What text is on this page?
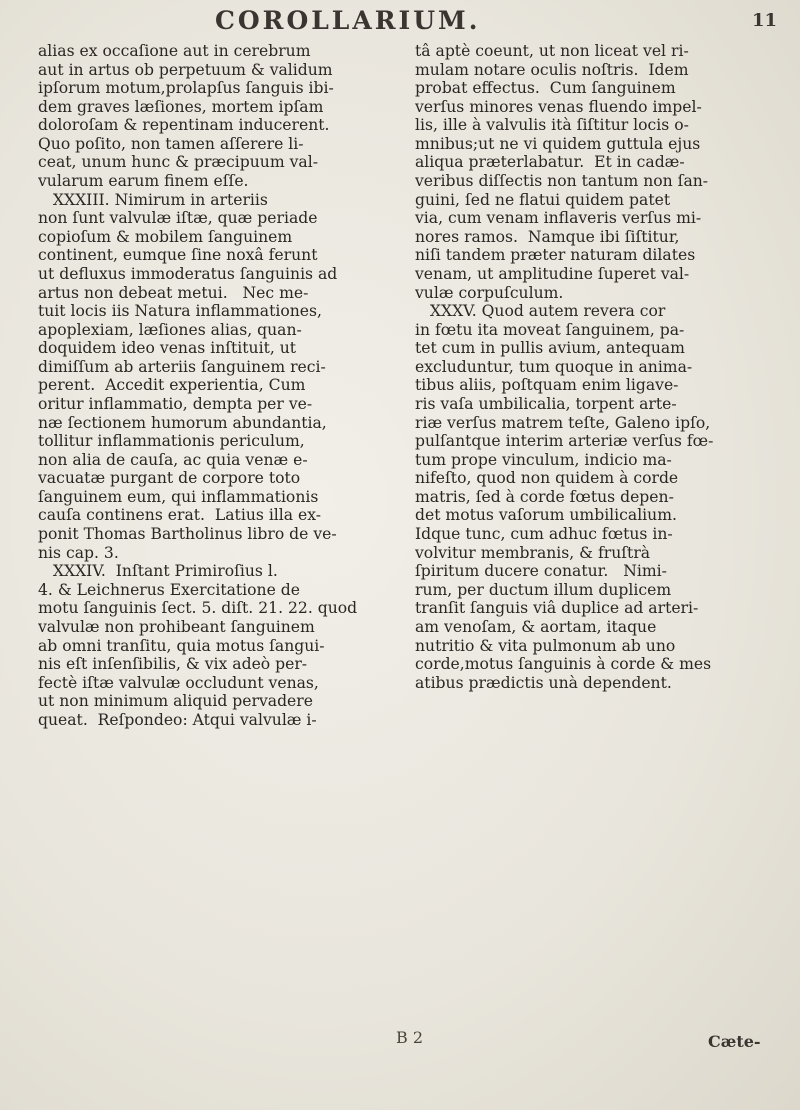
COROLLARIUM.	11
alias ex occaſione aut in cerebrum
aut in artus ob perpetuum & validum
ipſorum motum,prolapſus ſanguis ibi-
dem graves læſiones, mortem ipſam
doloroſam & repentinam inducerent.
Quo poſito, non tamen aſſerere li-
ceat, unum hunc & præcipuum val-
vularum earum finem eſſe.
XXXIII. Nimirum in arteriis
non ſunt valvulæ iſtæ, quæ periade
copioſum & mobilem ſanguinem
continent, eumque ſine noxâ ferunt
ut defluxus immoderatus ſanguinis ad
artus non debeat metui.   Nec me-
tuit locis iis Natura inflammationes,
apoplexiam, læſiones alias, quan-
doquidem ideo venas inſtituit, ut
dimiſſum ab arteriis ſanguinem reci-
perent.  Accedit experientia, Cum
oritur inflammatio, dempta per ve-
næ ſectionem humorum abundantia,
tollitur inflammationis periculum,
non alia de cauſa, ac quia venæ e-
vacuatæ purgant de corpore toto
ſanguinem eum, qui inflammationis
cauſa continens erat.  Latius illa ex-
ponit Thomas Bartholinus libro de ve-
nis cap. 3.
XXXIV.  Inſtant Primiroſius l.
4. & Leichnerus Exercitatione de
motu ſanguinis ſect. 5. diſt. 21. 22. quod
valvulæ non prohibeant ſanguinem
ab omni tranſitu, quia motus ſangui-
nis eſt inſenſibilis, & vix adeò per-
fectè iſtæ valvulæ occludunt venas,
ut non minimum aliquid pervadere
queat.  Reſpondeo: Atqui valvulæ i-
tâ aptè coeunt, ut non liceat vel ri-
mulam notare oculis noſtris.  Idem
probat effectus.  Cum ſanguinem
verſus minores venas fluendo impel-
lis, ille à valvulis ità ſiſtitur locis o-
mnibus;ut ne vi quidem guttula ejus
aliqua præterlabatur.  Et in cadæ-
veribus diſſectis non tantum non ſan-
guini, ſed ne flatui quidem patet
via, cum venam inflaveris verſus mi-
nores ramos.  Namque ibi ſiſtitur,
niſi tandem præter naturam dilates
venam, ut amplitudine ſuperet val-
vulæ corpuſculum.
XXXV. Quod autem revera cor
in fœtu ita moveat ſanguinem, pa-
tet cum in pullis avium, antequam
excluduntur, tum quoque in anima-
tibus aliis, poſtquam enim ligave-
ris vaſa umbilicalia, torpent arte-
riæ verſus matrem teſte, Galeno ipſo,
pulſantque interim arteriæ verſus fœ-
tum prope vinculum, indicio ma-
nifeſto, quod non quidem à corde
matris, ſed à corde fœtus depen-
det motus vaſorum umbilicalium.
Idque tunc, cum adhuc fœtus in-
volvitur membranis, & fruſtrà
ſpiritum ducere conatur.   Nimi-
rum, per ductum illum duplicem
tranſit ſanguis viâ duplice ad arteri-
am venoſam, & aortam, itaque
nutritio & vita pulmonum ab uno
corde,motus ſanguinis à corde & mes
atibus prædictis unà dependent.
B 2	Cæte-
